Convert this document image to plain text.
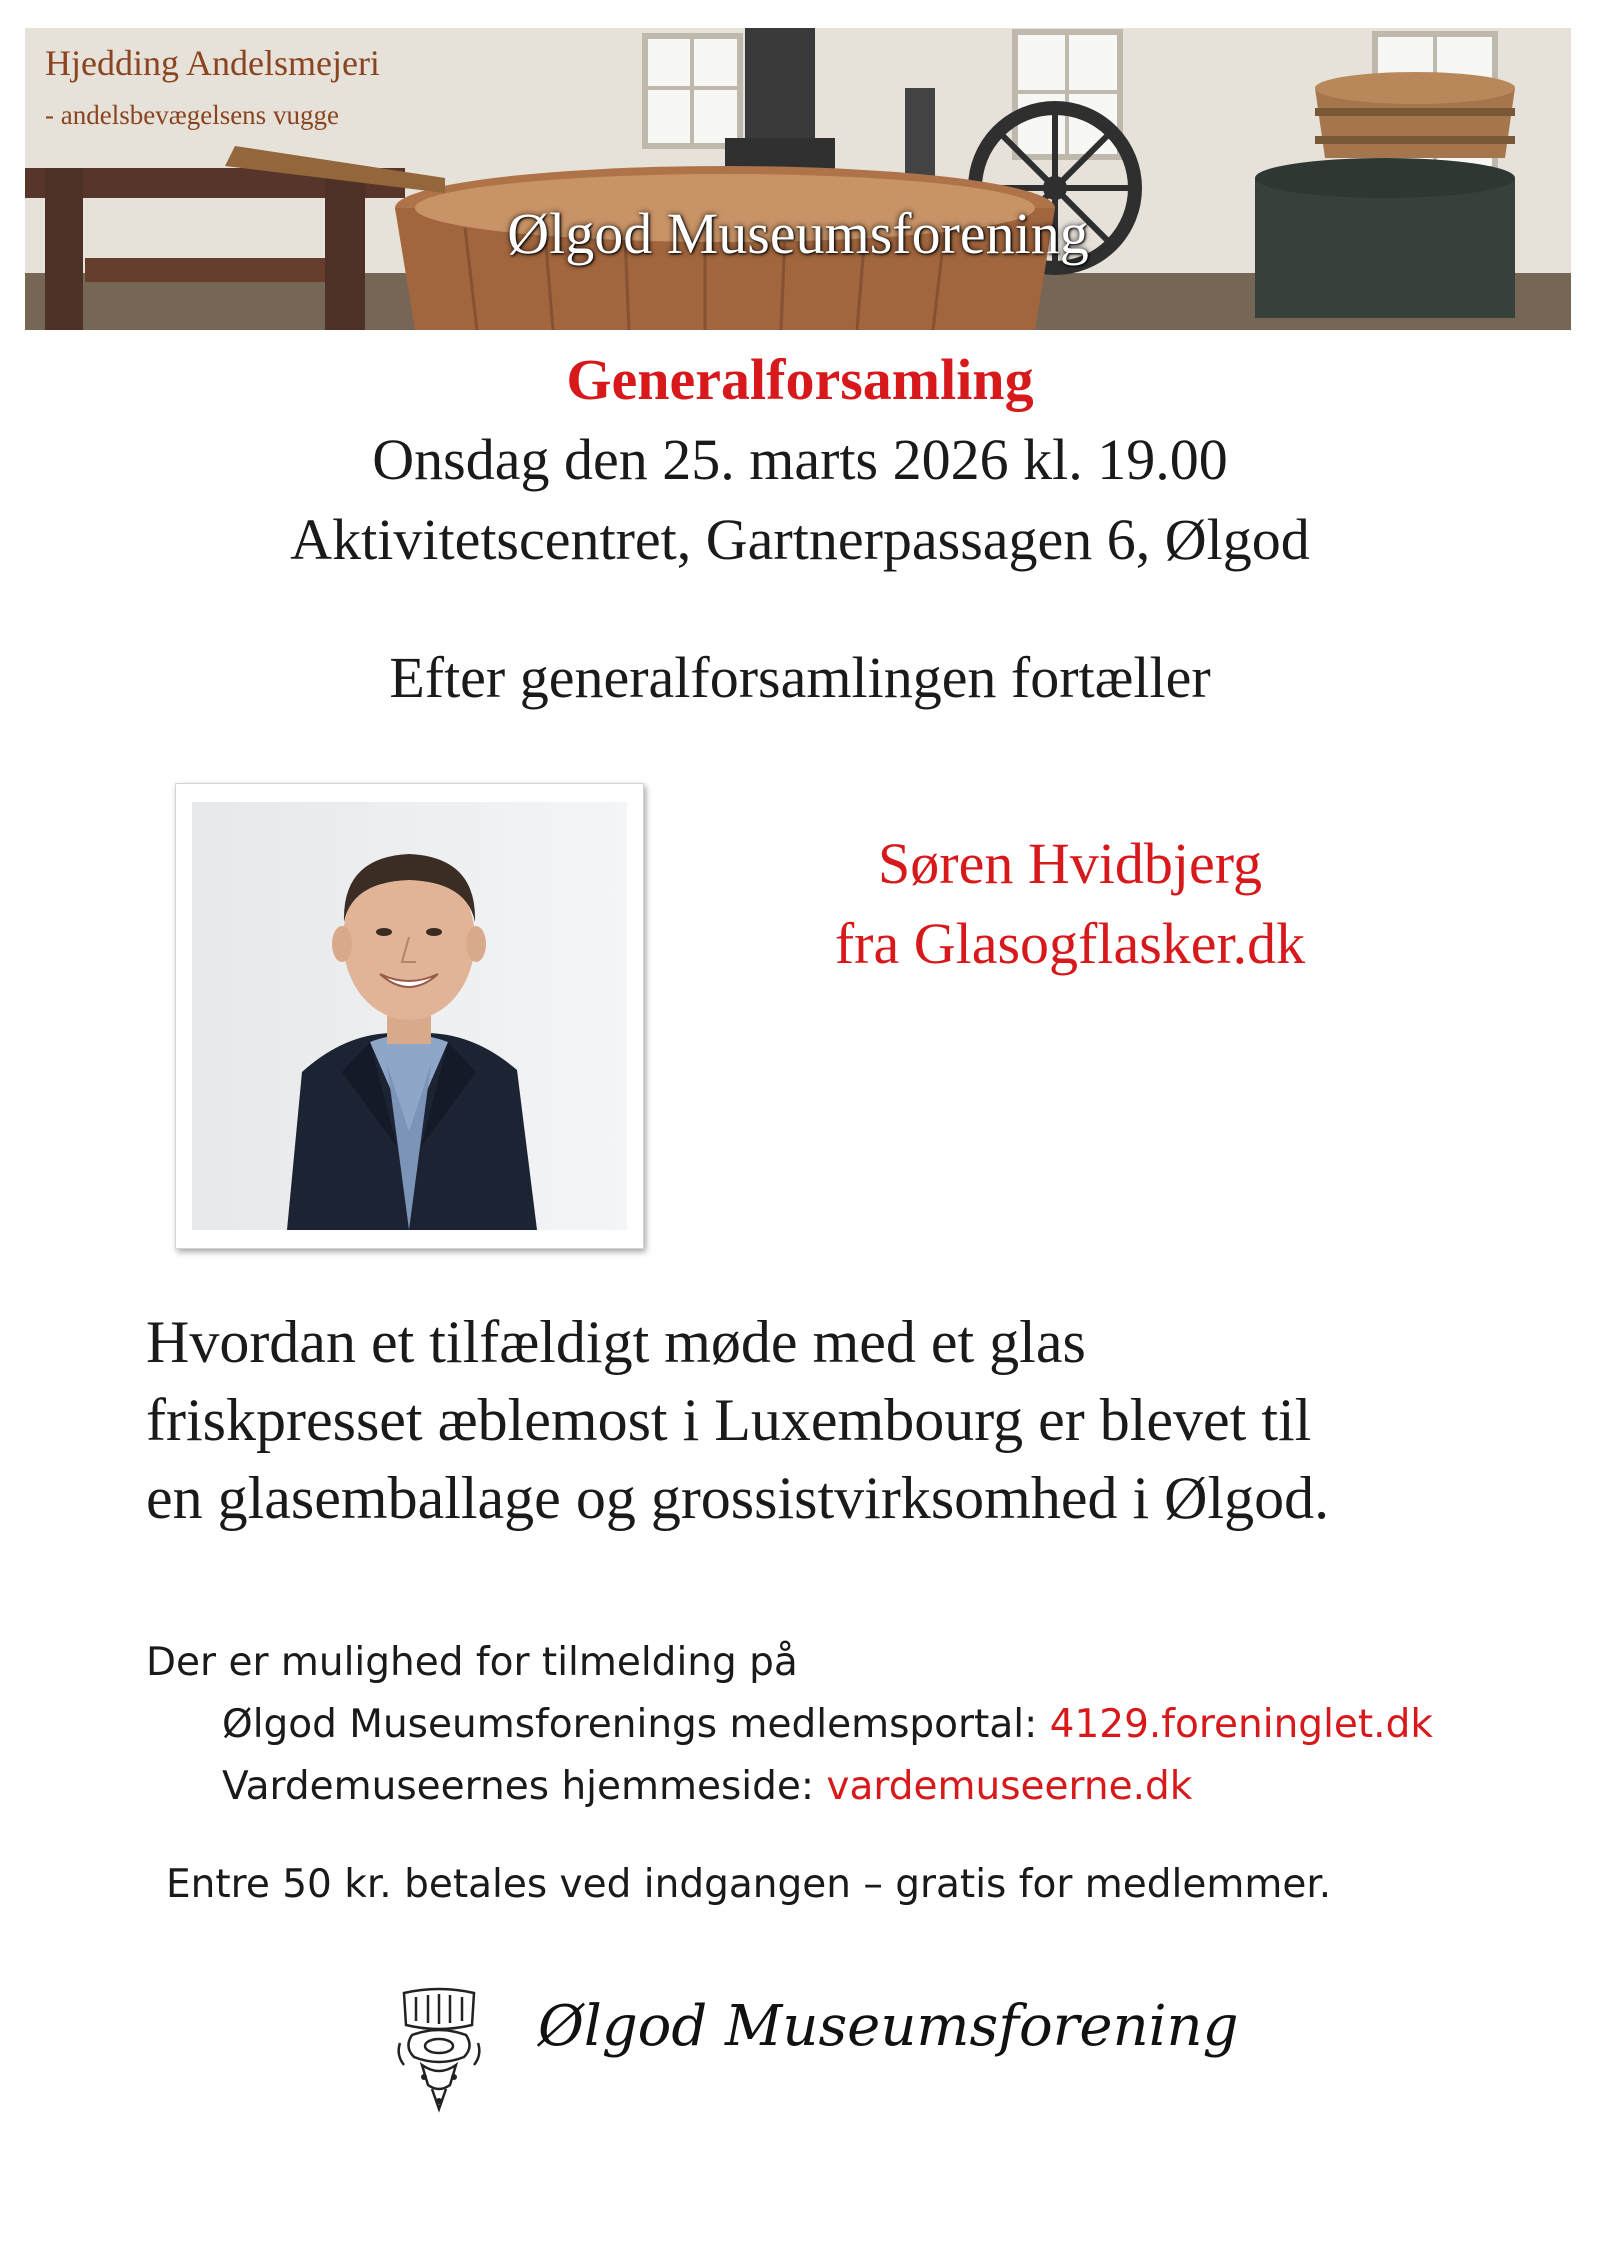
Hjedding Andelsmejeri
- andelsbevægelsens vugge
Ølgod Museumsforening
Generalforsamling
Onsdag den 25. marts 2026 kl. 19.00
Aktivitetscentret, Gartnerpassagen 6, Ølgod
Efter generalforsamlingen fortæller
Søren Hvidbjerg
fra Glasogflasker.dk
Hvordan et tilfældigt møde med et glas
friskpresset æblemost i Luxembourg er blevet til
en glasemballage og grossistvirksomhed i Ølgod.
Der er mulighed for tilmelding på
Ølgod Museumsforenings medlemsportal: 4129.foreninglet.dk
Vardemuseernes hjemmeside: vardemuseerne.dk
Entre 50 kr. betales ved indgangen – gratis for medlemmer.
Ølgod Museumsforening
